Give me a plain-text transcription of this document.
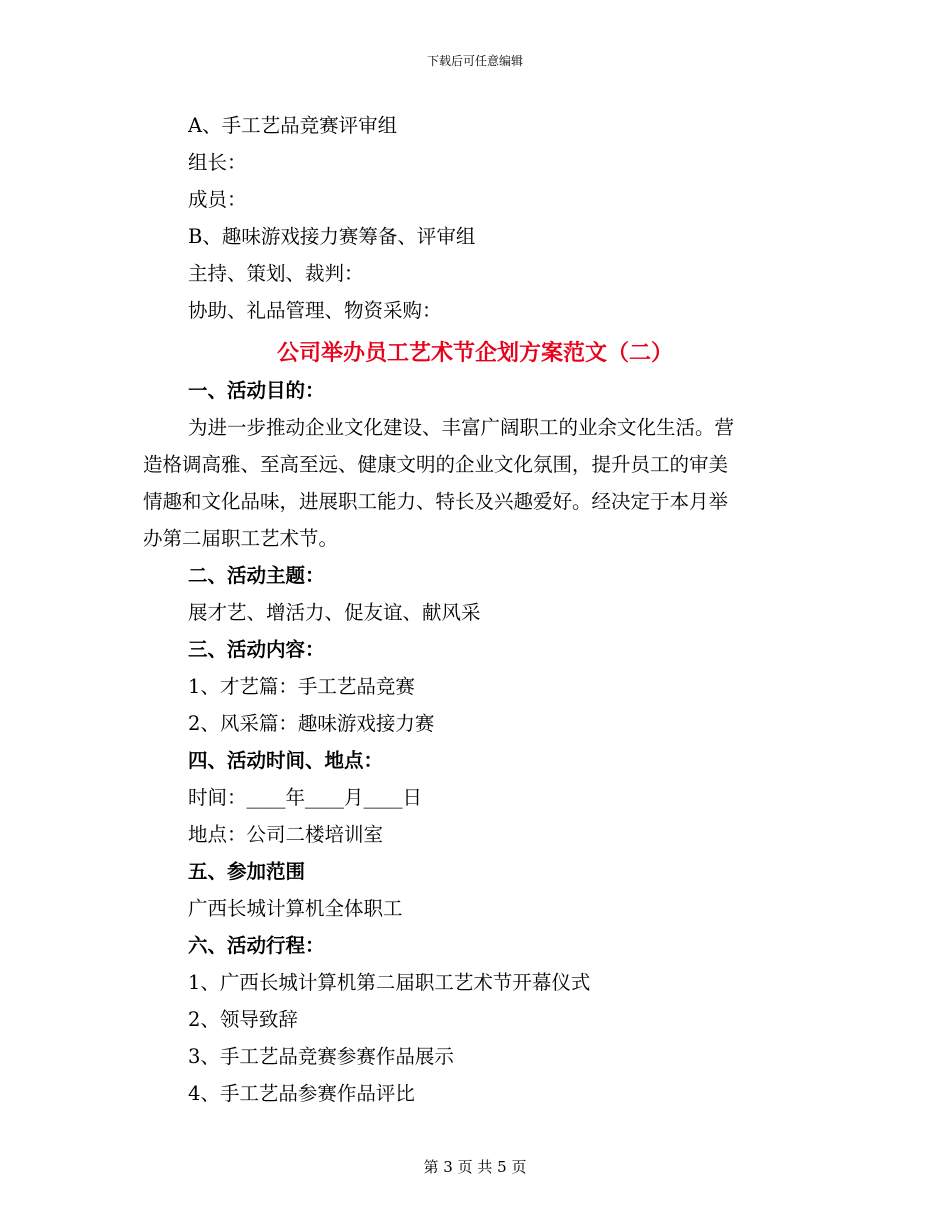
下载后可任意编辑
A、手工艺品竞赛评审组
组长：
成员：
B、趣味游戏接力赛筹备、评审组
主持、策划、裁判：
协助、礼品管理、物资采购：
公司举办员工艺术节企划方案范文（二）
一、活动目的：
为进一步推动企业文化建设、丰富广阔职工的业余文化生活。营
造格调高雅、至高至远、健康文明的企业文化氛围，提升员工的审美
情趣和文化品味，进展职工能力、特长及兴趣爱好。经决定于本月举
办第二届职工艺术节。
二、活动主题：
展才艺、增活力、促友谊、献风采
三、活动内容：
1、才艺篇：手工艺品竞赛
2、风采篇：趣味游戏接力赛
四、活动时间、地点：
时间：____年____月____日
地点：公司二楼培训室
五、参加范围
广西长城计算机全体职工
六、活动行程：
1、广西长城计算机第二届职工艺术节开幕仪式
2、领导致辞
3、手工艺品竞赛参赛作品展示
4、手工艺品参赛作品评比
第 3 页 共 5 页
